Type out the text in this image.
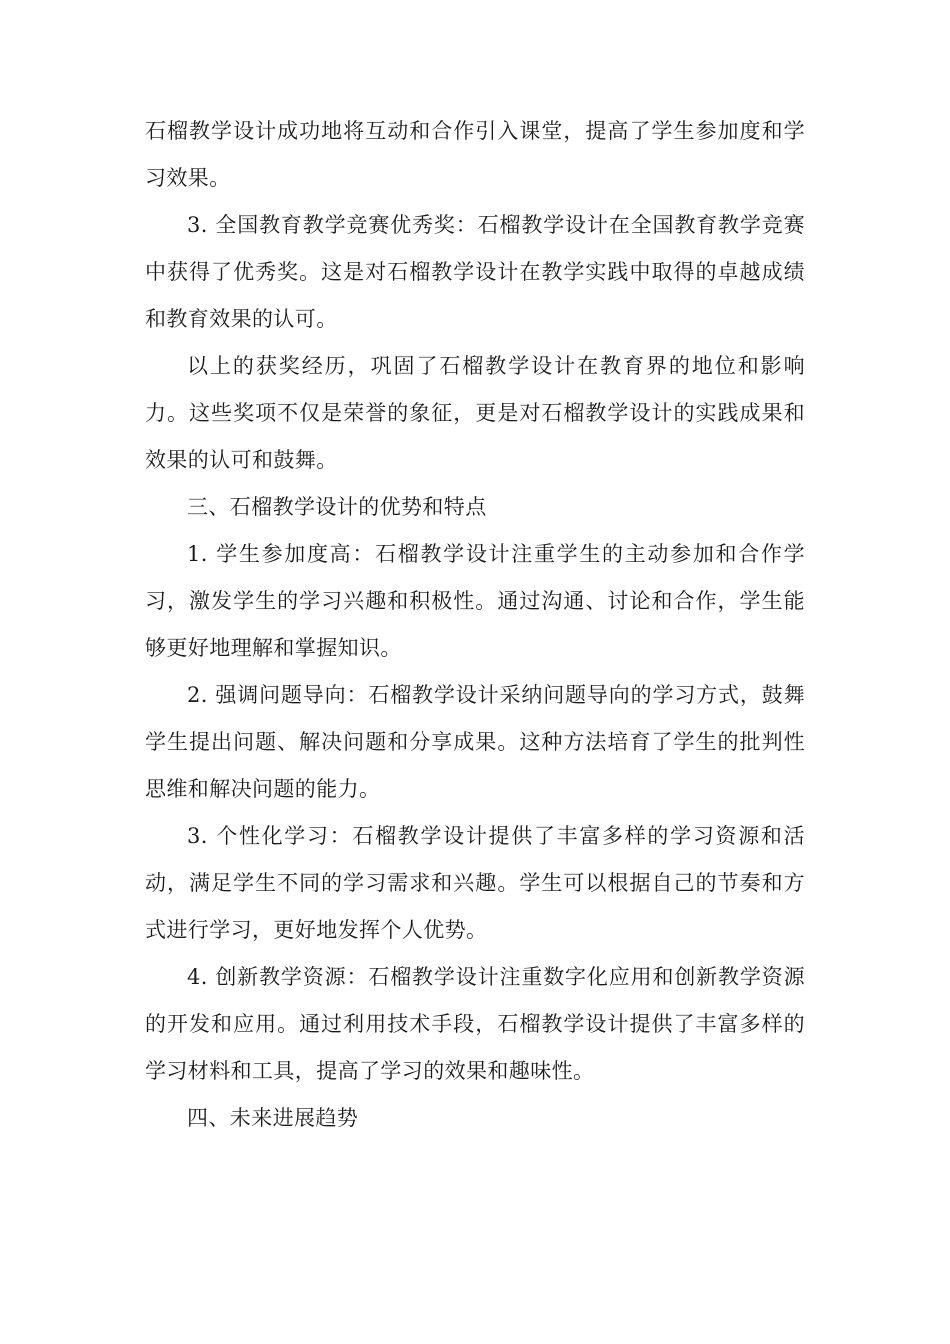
石榴教学设计成功地将互动和合作引入课堂，提高了学生参加度和学习效果。

3. 全国教育教学竞赛优秀奖：石榴教学设计在全国教育教学竞赛中获得了优秀奖。这是对石榴教学设计在教学实践中取得的卓越成绩和教育效果的认可。

以上的获奖经历，巩固了石榴教学设计在教育界的地位和影响力。这些奖项不仅是荣誉的象征，更是对石榴教学设计的实践成果和效果的认可和鼓舞。

三、石榴教学设计的优势和特点

1. 学生参加度高：石榴教学设计注重学生的主动参加和合作学习，激发学生的学习兴趣和积极性。通过沟通、讨论和合作，学生能够更好地理解和掌握知识。

2. 强调问题导向：石榴教学设计采纳问题导向的学习方式，鼓舞学生提出问题、解决问题和分享成果。这种方法培育了学生的批判性思维和解决问题的能力。

3. 个性化学习：石榴教学设计提供了丰富多样的学习资源和活动，满足学生不同的学习需求和兴趣。学生可以根据自己的节奏和方式进行学习，更好地发挥个人优势。

4. 创新教学资源：石榴教学设计注重数字化应用和创新教学资源的开发和应用。通过利用技术手段，石榴教学设计提供了丰富多样的学习材料和工具，提高了学习的效果和趣味性。

四、未来进展趋势
